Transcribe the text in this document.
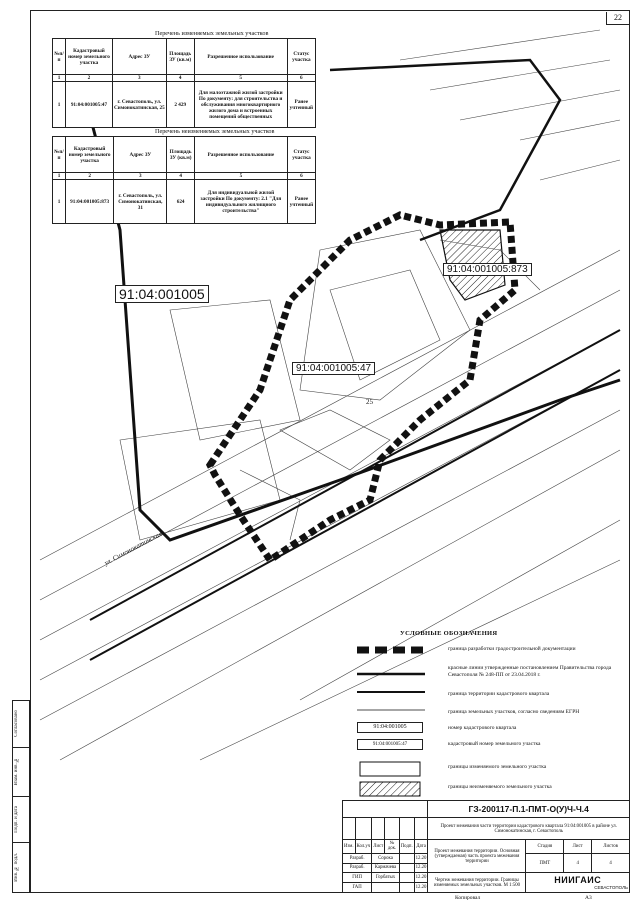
22
Перечень изменяемых земельных участков
№п/п	Кадастровый номер земельного участка	Адрес ЗУ	Площадь ЗУ (кв.м)	Разрешенное использование	Статус участка
1	2	3	4	5	6
1	91:04:001005:47	г. Севастополь, ул. Симонокатинская, 25	2 429	Для малоэтажной жилой застройки По документу: для строительства и обслуживания многоквартирного жилого дома и встроенных помещений общественных	Ранее учтенный
Перечень неизменяемых земельных участков
№п/п	Кадастровый номер земельного участка	Адрес ЗУ	Площадь ЗУ (кв.м)	Разрешенное использование	Статус участка
1	2	3	4	5	6
1	91:04:001005:873	г. Севастополь, ул. Симонокатинская, 31	624	Для индивидуальной жилой застройки По документу: 2.1 "Для индивидуального жилищного строительства"	Ранее учтенный
91:04:001005
91:04:001005:873
91:04:001005:47
ул. Симонокатинская
25
УСЛОВНЫЕ ОБОЗНАЧЕНИЯ
91:04:001005
91:04:001005:47
граница разработки градостроительной документации
красные линии утвержденные постановлением Правительства города Севастополя № 248-ПП от 23.04.2018 г.
граница территории кадастрового квартала
граница земельных участков, согласно сведениям ЕГРН
номер кадастрового квартала
кадастровый номер земельного участка
границы изменяемого земельного участка
границы неизменяемого земельного участка
Согласовано

Взам. инв. №

Подп. и дата

Инв. № подл.
						ГЗ-200117-П.1-ПМТ-О(У)Ч-Ч.4			
						Проект межевания части территории кадастрового квартала 91:04:001005 в районе ул. Симонокатинская, г. Севастополь			
Изм.	Кол.уч	Лист	№ док.	Подп.	Дата	Проект межевания территории. Основная (утверждаемая) часть проекта межевания территории	Стадия	Лист	Листов
Разраб.		Сорока			12.20		ПМТ	4	4
Разраб.		Кармачева			12.20				
ГИП		Горбатых			12.20	Чертеж межевания территории. Границы изменяемых земельных участков. М 1:500	НИИГАИС
СЕВАСТОПОЛЬ		

ГАП					12.20				
Копировал	А3
